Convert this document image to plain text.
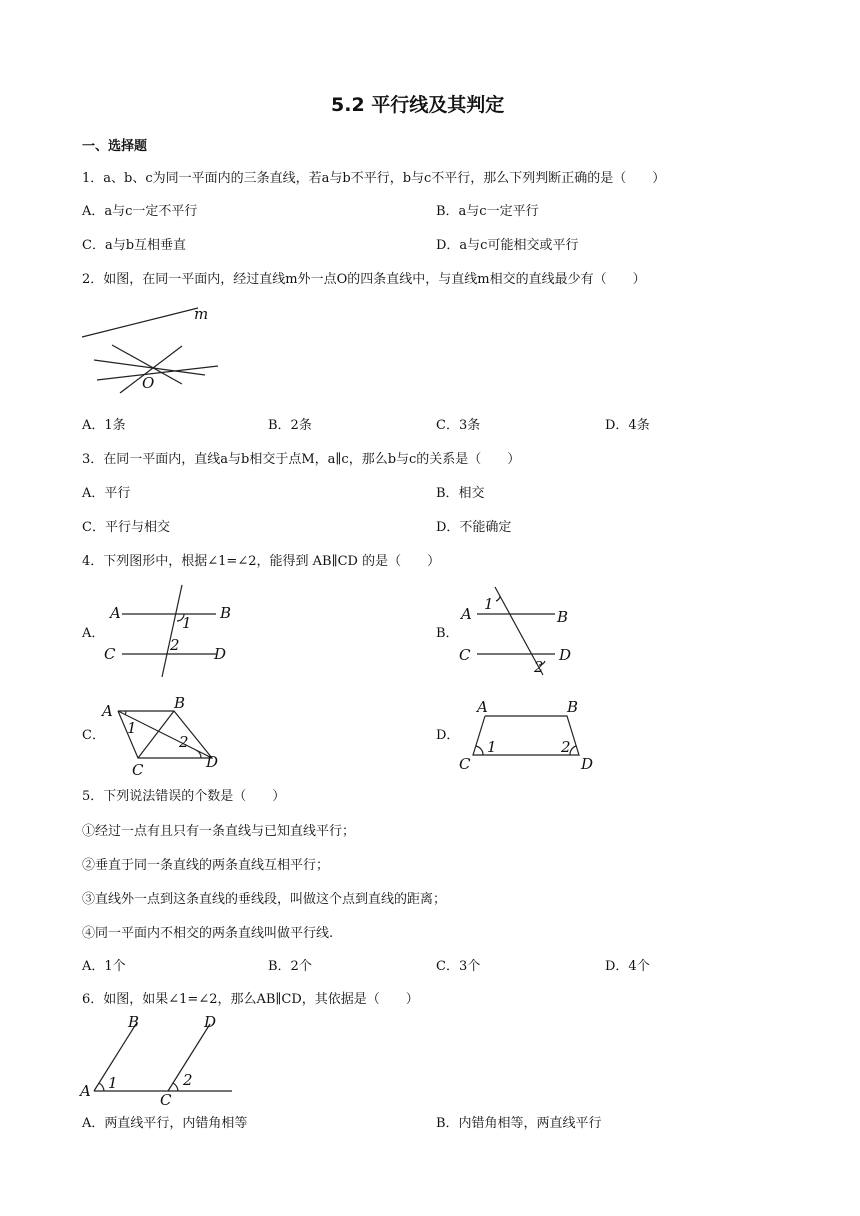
5.2 平行线及其判定
一、选择题
1．a、b、c为同一平面内的三条直线，若a与b不平行，b与c不平行，那么下列判断正确的是（　　）
A．a与c一定不平行	B．a与c一定平行
C．a与b互相垂直	D．a与c可能相交或平行
2．如图，在同一平面内，经过直线m外一点O的四条直线中，与直线m相交的直线最少有（　　）
m
O
A．1条	B．2条	C．3条	D．4条
3．在同一平面内，直线a与b相交于点M，a∥c，那么b与c的关系是（　　）
A．平行	B．相交
C．平行与相交	D．不能确定
4．下列图形中，根据∠1=∠2，能得到 AB∥CD 的是（　　）
A．
A	B
C	D
1
2
B．
A	B
C	D
1
2
C．
A	B
C	D
1
2	D．
A	B
C	D
1	2
5．下列说法错误的个数是（　　）
①经过一点有且只有一条直线与已知直线平行；
②垂直于同一条直线的两条直线互相平行；
③直线外一点到这条直线的垂线段，叫做这个点到直线的距离；
④同一平面内不相交的两条直线叫做平行线.
A．1个	B．2个	C．3个	D．4个
6．如图，如果∠1=∠2，那么AB∥CD，其依据是（　　）
A
B
C
D
1	2
A．两直线平行，内错角相等	B．内错角相等，两直线平行
